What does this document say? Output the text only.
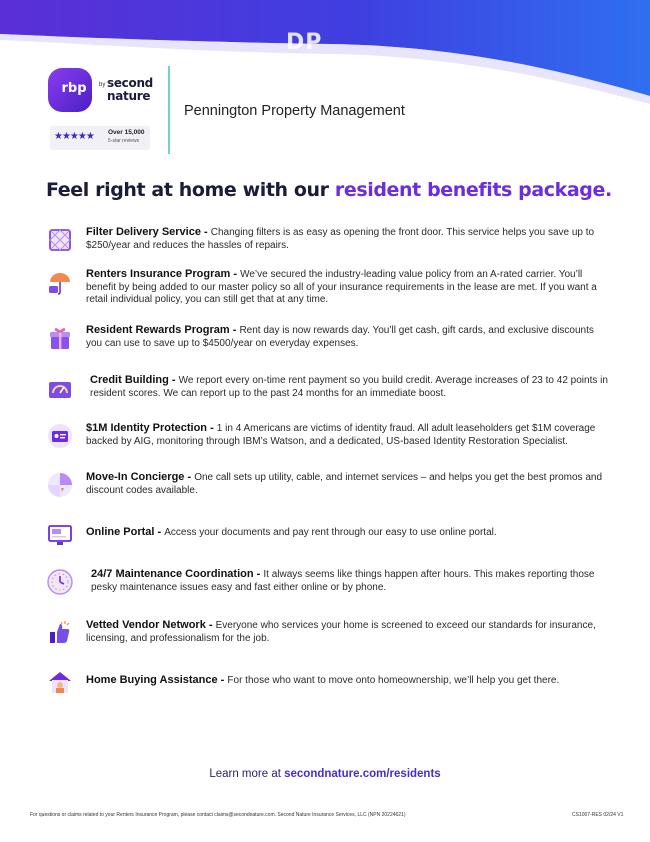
DP
rbp	by second
nature
★★★★★ Over 15,000
5-star reviews
Pennington Property Management
Feel right at home with our resident benefits package.
Filter Delivery Service - Changing filters is as easy as opening the front door. This service helps you save up to $250/year and reduces the hassles of repairs.
Renters Insurance Program - We’ve secured the industry-leading value policy from an A-rated carrier. You’ll benefit by being added to our master policy so all of your insurance requirements in the lease are met. If you want a retail individual policy, you can still get that at any time.
Resident Rewards Program - Rent day is now rewards day. You’ll get cash, gift cards, and exclusive discounts you can use to save up to $4500/year on everyday expenses.
Credit Building - We report every on-time rent payment so you build credit. Average increases of 23 to 42 points in resident scores. We can report up to the past 24 months for an immediate boost.
$1M Identity Protection - 1 in 4 Americans are victims of identity fraud. All adult leaseholders get $1M coverage backed by AIG, monitoring through IBM’s Watson, and a dedicated, US-based Identity Restoration Specialist.
Move-In Concierge - One call sets up utility, cable, and internet services – and helps you get the best promos and discount codes available.
Online Portal - Access your documents and pay rent through our easy to use online portal.
24/7 Maintenance Coordination - It always seems like things happen after hours. This makes reporting those pesky maintenance issues easy and fast either online or by phone.
Vetted Vendor Network - Everyone who services your home is screened to exceed our standards for insurance, licensing, and professionalism for the job.
Home Buying Assistance - For those who want to move onto homeownership, we’ll help you get there.
Learn more at secondnature.com/residents
For questions or claims related to your Renters Insurance Program, please contact claims@secondnature.com. Second Nature Insurance Services, LLC (NPN 20224621)	CS1007-RES 02/24 V1
